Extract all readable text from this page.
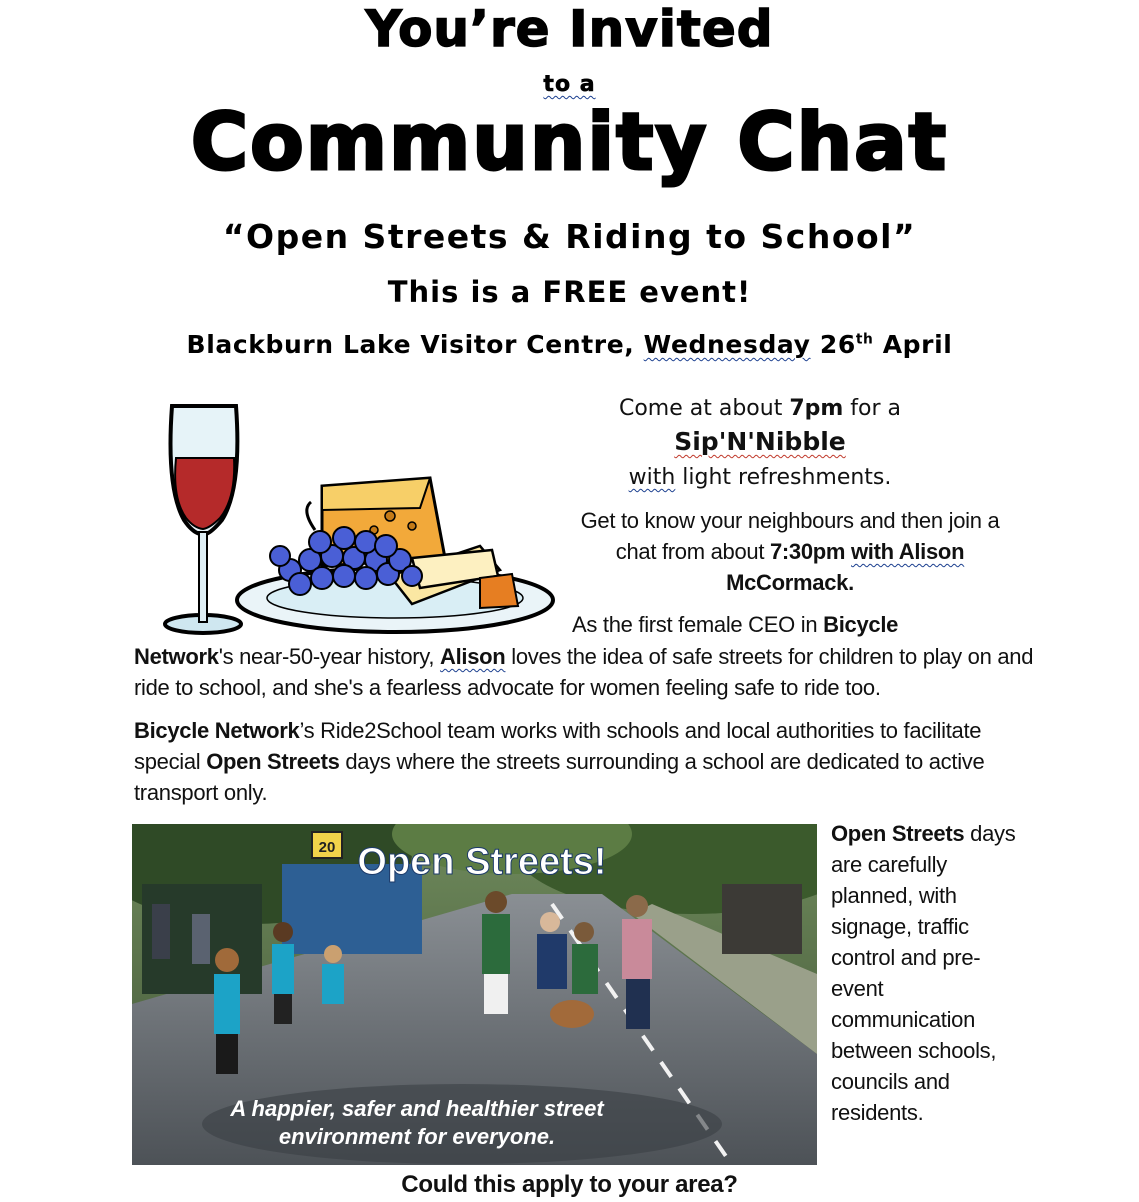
You’re Invited
to a
Community Chat
“Open Streets & Riding to School”
This is a FREE event!
Blackburn Lake Visitor Centre, Wednesday 26th April
Come at about 7pm for a
Sip'N'Nibble
with light refreshments.
Get to know your neighbours and then join a chat from about 7:30pm with Alison
McCormack.
As the first female CEO in Bicycle
Network's near-50-year history, Alison loves the idea of safe streets for children to play on and ride to school, and she's a fearless advocate for women feeling safe to ride too.
Bicycle Network’s Ride2School team works with schools and local authorities to facilitate special Open Streets days where the streets surrounding a school are dedicated to active transport only.
20 Open Streets!
A happier, safer and healthier street
environment for everyone.
Open Streets days are carefully planned, with signage, traffic control and pre-event communication between schools, councils and residents.
Could this apply to your area?
